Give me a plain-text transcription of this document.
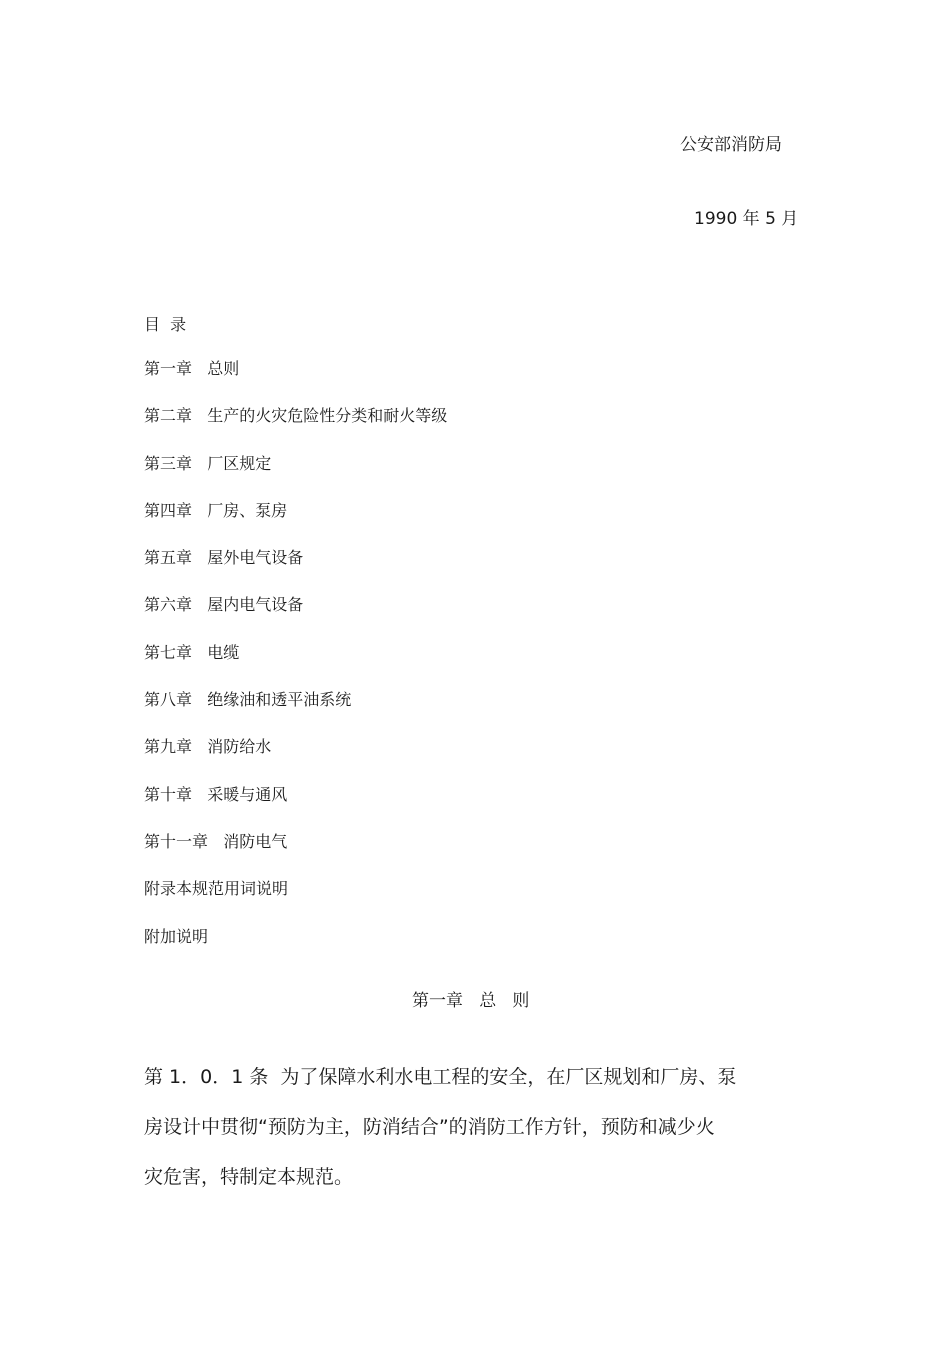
公安部消防局
1990 年 5 月
目  录
第一章   总则
第二章   生产的火灾危险性分类和耐火等级
第三章   厂区规定
第四章   厂房、泵房
第五章   屋外电气设备
第六章   屋内电气设备
第七章   电缆
第八章   绝缘油和透平油系统
第九章   消防给水
第十章   采暖与通风
第十一章   消防电气
附录本规范用词说明
附加说明
第一章   总   则

第 1．0．1 条  为了保障水利水电工程的安全，在厂区规划和厂房、泵
房设计中贯彻“预防为主，防消结合”的消防工作方针，预防和减少火
灾危害，特制定本规范。
